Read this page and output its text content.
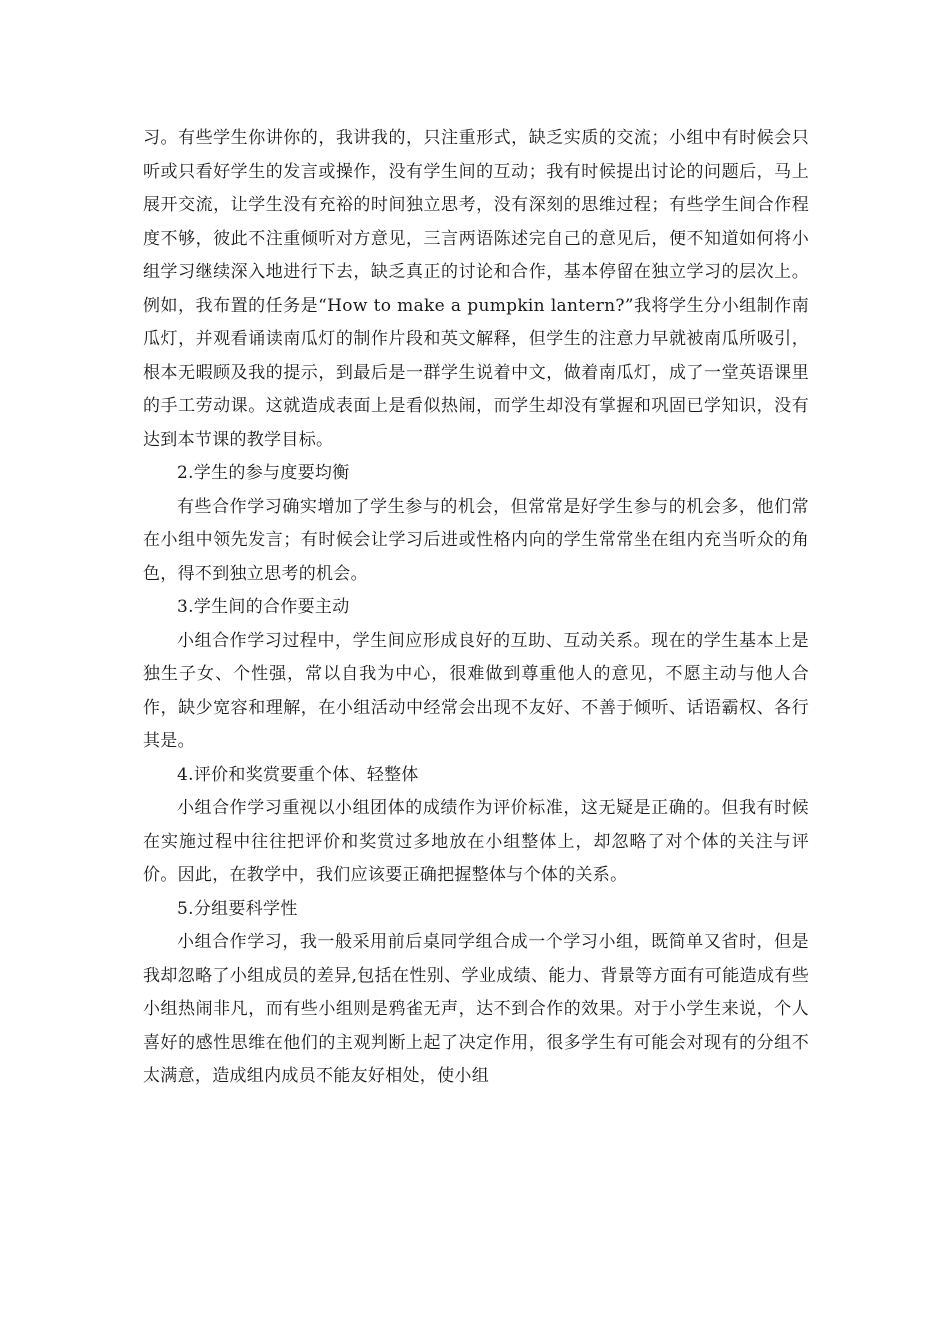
习。有些学生你讲你的，我讲我的，只注重形式，缺乏实质的交流；小组中有时候会只听或只看好学生的发言或操作，没有学生间的互动；我有时候提出讨论的问题后，马上展开交流，让学生没有充裕的时间独立思考，没有深刻的思维过程；有些学生间合作程度不够，彼此不注重倾听对方意见，三言两语陈述完自己的意见后，便不知道如何将小组学习继续深入地进行下去，缺乏真正的讨论和合作，基本停留在独立学习的层次上。例如，我布置的任务是“How to make a pumpkin lantern?”我将学生分小组制作南瓜灯，并观看诵读南瓜灯的制作片段和英文解释，但学生的注意力早就被南瓜所吸引，根本无暇顾及我的提示，到最后是一群学生说着中文，做着南瓜灯，成了一堂英语课里的手工劳动课。这就造成表面上是看似热闹，而学生却没有掌握和巩固已学知识，没有达到本节课的教学目标。

2.学生的参与度要均衡

有些合作学习确实增加了学生参与的机会，但常常是好学生参与的机会多，他们常在小组中领先发言；有时候会让学习后进或性格内向的学生常常坐在组内充当听众的角色，得不到独立思考的机会。

3.学生间的合作要主动

小组合作学习过程中，学生间应形成良好的互助、互动关系。现在的学生基本上是独生子女、个性强，常以自我为中心，很难做到尊重他人的意见，不愿主动与他人合作，缺少宽容和理解，在小组活动中经常会出现不友好、不善于倾听、话语霸权、各行其是。

4.评价和奖赏要重个体、轻整体

小组合作学习重视以小组团体的成绩作为评价标准，这无疑是正确的。但我有时候在实施过程中往往把评价和奖赏过多地放在小组整体上，却忽略了对个体的关注与评价。因此，在教学中，我们应该要正确把握整体与个体的关系。

5.分组要科学性

小组合作学习，我一般采用前后桌同学组合成一个学习小组，既简单又省时，但是我却忽略了小组成员的差异,包括在性别、学业成绩、能力、背景等方面有可能造成有些小组热闹非凡，而有些小组则是鸦雀无声，达不到合作的效果。对于小学生来说，个人喜好的感性思维在他们的主观判断上起了决定作用，很多学生有可能会对现有的分组不太满意，造成组内成员不能友好相处，使小组
